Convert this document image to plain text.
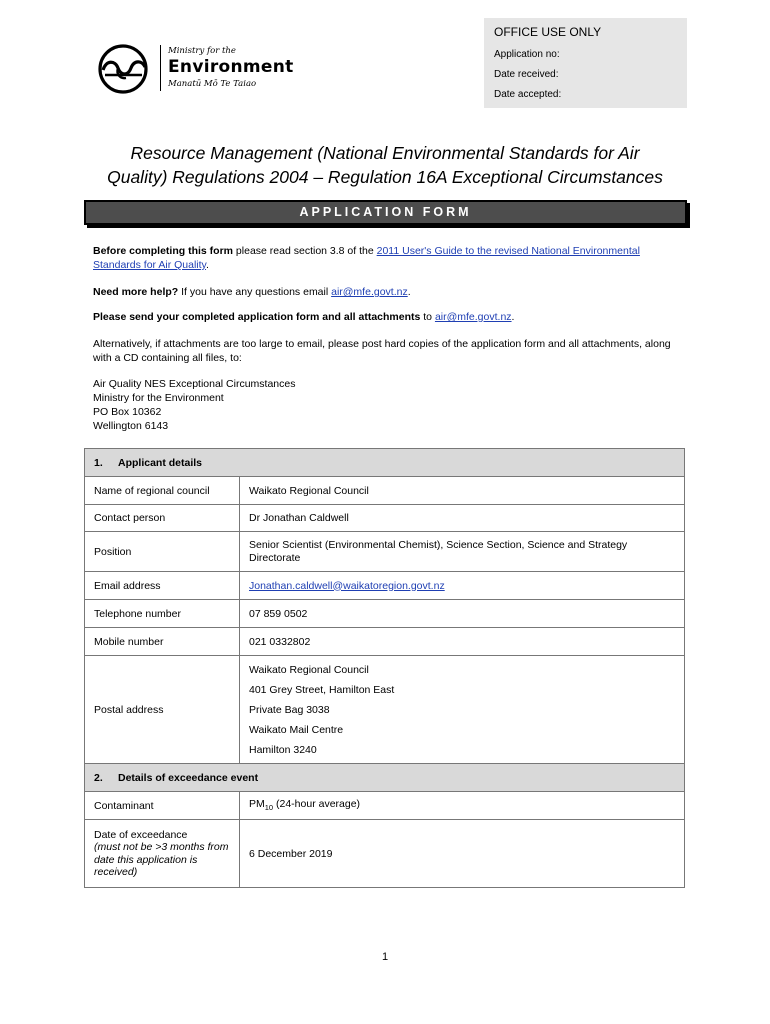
OFFICE USE ONLY
Application no:
Date received:
Date accepted:
Ministry for the
Environment
Manatū Mō Te Taiao
Resource Management (National Environmental Standards for Air
Quality) Regulations 2004 – Regulation 16A Exceptional Circumstances
APPLICATION FORM
Before completing this form please read section 3.8 of the 2011 User's Guide to the revised National Environmental Standards for Air Quality.
Need more help? If you have any questions email air@mfe.govt.nz.
Please send your completed application form and all attachments to air@mfe.govt.nz.
Alternatively, if attachments are too large to email, please post hard copies of the application form and all attachments, along with a CD containing all files, to:
Air Quality NES Exceptional Circumstances
Ministry for the Environment
PO Box 10362
Wellington 6143
1. Applicant details	
Name of regional council	Waikato Regional Council
Contact person	Dr Jonathan Caldwell
Position	Senior Scientist (Environmental Chemist), Science Section, Science and Strategy Directorate
Email address	Jonathan.caldwell@waikatoregion.govt.nz
Telephone number	07 859 0502
Mobile number	021 0332802
Postal address	Waikato Regional Council
401 Grey Street, Hamilton East
Private Bag 3038
Waikato Mail Centre
Hamilton 3240

2. Details of exceedance event	
Contaminant	$PM_{10}$ (24-hour average)

Date of exceedance
(must not be >3 months from date this application is received)	6 December 2019
1
